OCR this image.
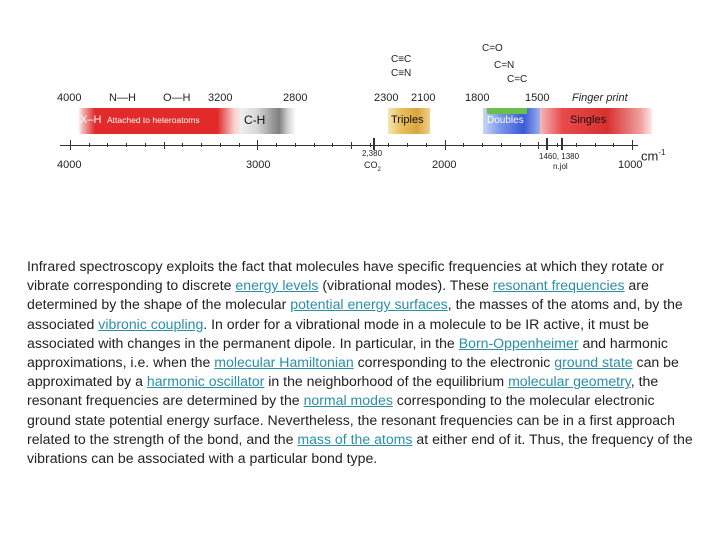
C≡C
C≡N
C=O
C=N
C=C
4000	N—H O—H 3200	2800	2300 2100	1800	1500 Finger print
X–H Attached to heteroatoms	C-H	Triples	Doubles	Singles
4000	3000	2000	1000
2,380
$CO_2$
1460, 1380
n.jol
$cm^{-1}$
Infrared spectroscopy exploits the fact that molecules have specific frequencies at which they rotate or vibrate corresponding to discrete energy levels (vibrational modes). These resonant frequencies are determined by the shape of the molecular potential energy surfaces, the masses of the atoms and, by the associated vibronic coupling. In order for a vibrational mode in a molecule to be IR active, it must be associated with changes in the permanent dipole. In particular, in the Born-Oppenheimer and harmonic approximations, i.e. when the molecular Hamiltonian corresponding to the electronic ground state can be approximated by a harmonic oscillator in the neighborhood of the equilibrium molecular geometry, the resonant frequencies are determined by the normal modes corresponding to the molecular electronic ground state potential energy surface. Nevertheless, the resonant frequencies can be in a first approach related to the strength of the bond, and the mass of the atoms at either end of it. Thus, the frequency of the vibrations can be associated with a particular bond type.
